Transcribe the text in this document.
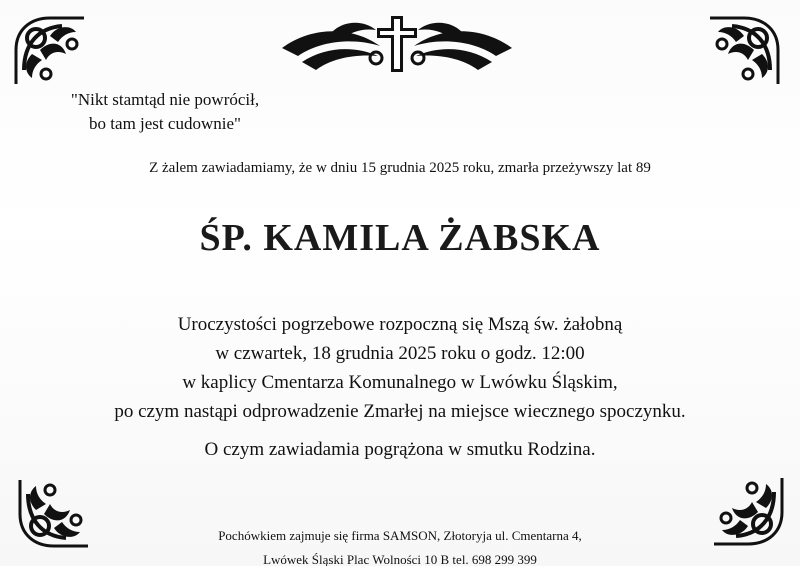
"Nikt stamtąd nie powrócił,
bo tam jest cudownie"
Z żalem zawiadamiamy, że w dniu 15 grudnia 2025 roku, zmarła przeżywszy lat 89
ŚP. KAMILA ŻABSKA
Uroczystości pogrzebowe rozpoczną się Mszą św. żałobną
w czwartek, 18 grudnia 2025 roku o godz. 12:00
w kaplicy Cmentarza Komunalnego w Lwówku Śląskim,
po czym nastąpi odprowadzenie Zmarłej na miejsce wiecznego spoczynku.
O czym zawiadamia pogrążona w smutku Rodzina.
Pochówkiem zajmuje się firma SAMSON, Złotoryja ul. Cmentarna 4,
Lwówek Śląski Plac Wolności 10 B tel. 698 299 399
